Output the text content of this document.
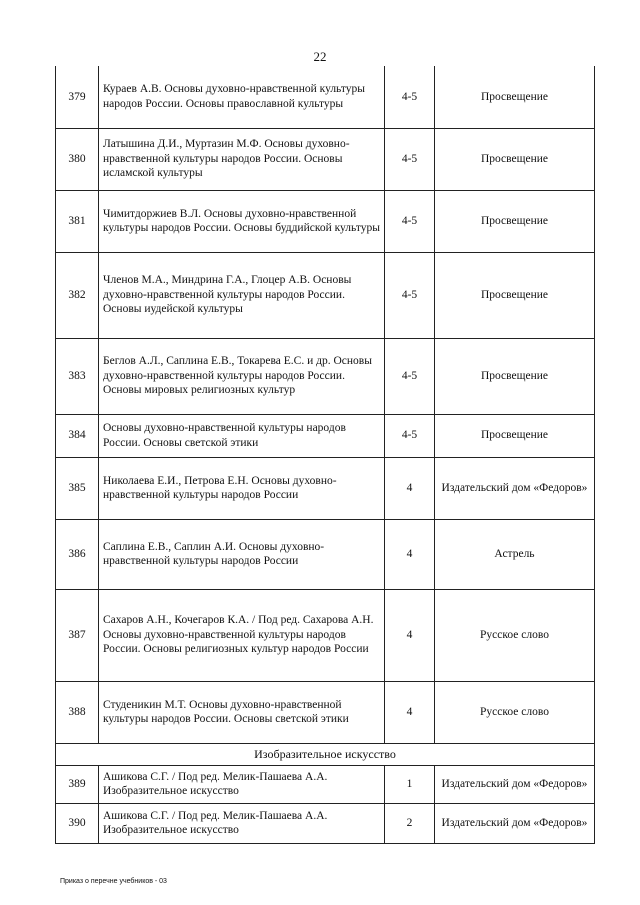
22
379	Кураев А.В. Основы духовно-нравственной культуры народов России. Основы православной культуры	4-5	Просвещение
380	Латышина Д.И., Муртазин М.Ф. Основы духовно-нравственной культуры народов России. Основы исламской культуры	4-5	Просвещение
381	Чимитдоржиев В.Л. Основы духовно-нравственной культуры народов России. Основы буддийской культуры	4-5	Просвещение
382	Членов М.А., Миндрина Г.А., Глоцер А.В. Основы духовно-нравственной культуры народов России. Основы иудейской культуры	4-5	Просвещение
383	Беглов А.Л., Саплина Е.В., Токарева Е.С. и др. Основы духовно-нравственной культуры народов России. Основы мировых религиозных культур	4-5	Просвещение
384	Основы духовно-нравственной культуры народов России. Основы светской этики	4-5	Просвещение
385	Николаева Е.И., Петрова Е.Н. Основы духовно-нравственной культуры народов России	4	Издательский дом «Федоров»
386	Саплина Е.В., Саплин А.И. Основы духовно-нравственной культуры народов России	4	Астрель
387	Сахаров А.Н., Кочегаров К.А. / Под ред. Сахарова А.Н. Основы духовно-нравственной культуры народов России. Основы религиозных культур народов России	4	Русское слово
388	Студеникин М.Т. Основы духовно-нравственной культуры народов России. Основы светской этики	4	Русское слово
Изобразительное искусство			
389	Ашикова С.Г. / Под ред. Мелик-Пашаева А.А. Изобразительное искусство	1	Издательский дом «Федоров»
390	Ашикова С.Г. / Под ред. Мелик-Пашаева А.А. Изобразительное искусство	2	Издательский дом «Федоров»
Приказ о перечне учебников - 03
